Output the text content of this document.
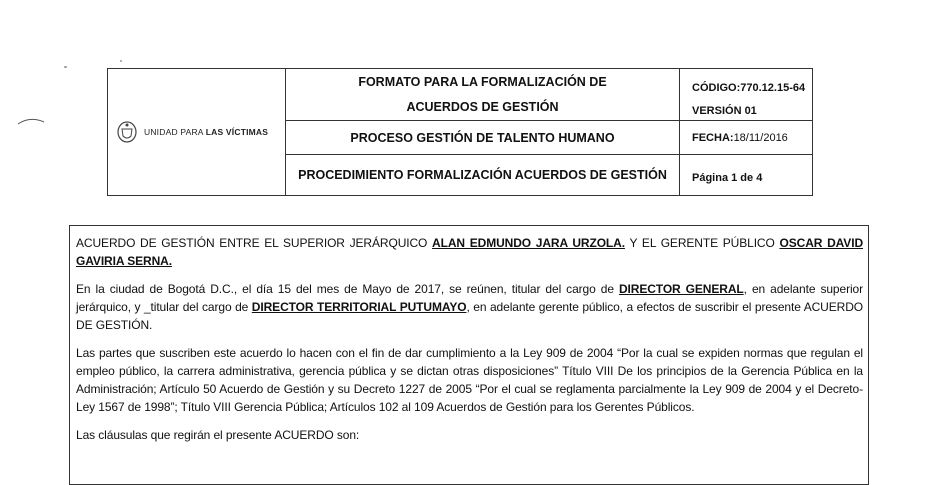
UNIDAD PARA LAS VÍCTIMAS
FORMATO PARA LA FORMALIZACIÓN DE
ACUERDOS DE GESTIÓN
CÓDIGO:770.12.15-64
VERSIÓN 01
PROCESO GESTIÓN DE TALENTO HUMANO	FECHA: 18/11/2016
PROCEDIMIENTO FORMALIZACIÓN ACUERDOS DE GESTIÓN	Página 1 de 4

ACUERDO DE GESTIÓN ENTRE EL SUPERIOR JERÁRQUICO ALAN EDMUNDO JARA URZOLA. Y EL GERENTE PÚBLICO OSCAR DAVID GAVIRIA SERNA.

En la ciudad de Bogotá D.C., el día 15 del mes de Mayo de 2017, se reúnen, titular del cargo de DIRECTOR GENERAL, en adelante superior jerárquico, y _titular del cargo de DIRECTOR TERRITORIAL PUTUMAYO, en adelante gerente público, a efectos de suscribir el presente ACUERDO DE GESTIÓN.

Las partes que suscriben este acuerdo lo hacen con el fin de dar cumplimiento a la Ley 909 de 2004 “Por la cual se expiden normas que regulan el empleo público, la carrera administrativa, gerencia pública y se dictan otras disposiciones” Título VIII De los principios de la Gerencia Pública en la Administración; Artículo 50 Acuerdo de Gestión y su Decreto 1227 de 2005 “Por el cual se reglamenta parcialmente la Ley 909 de 2004 y el Decreto-Ley 1567 de 1998”; Título VIII Gerencia Pública; Artículos 102 al 109 Acuerdos de Gestión para los Gerentes Públicos.

Las cláusulas que regirán el presente ACUERDO son:
